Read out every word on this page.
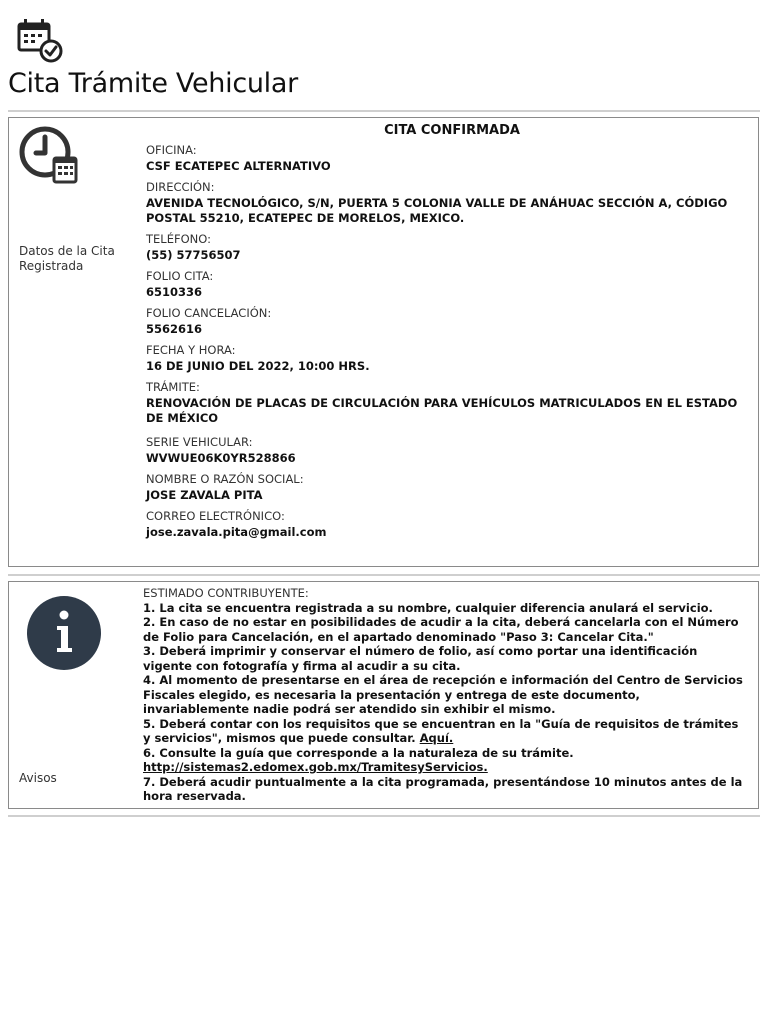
Cita Trámite Vehicular
Datos de la Cita Registrada
CITA CONFIRMADA

OFICINA:

CSF ECATEPEC ALTERNATIVO

DIRECCIÓN:

AVENIDA TECNOLÓGICO, S/N, PUERTA 5 COLONIA VALLE DE ANÁHUAC SECCIÓN A, CÓDIGO POSTAL 55210, ECATEPEC DE MORELOS, MEXICO.

TELÉFONO:

(55) 57756507

FOLIO CITA:

6510336

FOLIO CANCELACIÓN:

5562616

FECHA Y HORA:

16 DE JUNIO DEL 2022, 10:00 HRS.

TRÁMITE:

RENOVACIÓN DE PLACAS DE CIRCULACIÓN PARA VEHÍCULOS MATRICULADOS EN EL ESTADO DE MÉXICO

SERIE VEHICULAR:

WVWUE06K0YR528866

NOMBRE O RAZÓN SOCIAL:

JOSE ZAVALA PITA

CORREO ELECTRÓNICO:

jose.zavala.pita@gmail.com

Avisos
ESTIMADO CONTRIBUYENTE:
1. La cita se encuentra registrada a su nombre, cualquier diferencia anulará el servicio.
2. En caso de no estar en posibilidades de acudir a la cita, deberá cancelarla con el Número de Folio para Cancelación, en el apartado denominado "Paso 3: Cancelar Cita."
3. Deberá imprimir y conservar el número de folio, así como portar una identificación vigente con fotografía y firma al acudir a su cita.
4. Al momento de presentarse en el área de recepción e información del Centro de Servicios Fiscales elegido, es necesaria la presentación y entrega de este documento, invariablemente nadie podrá ser atendido sin exhibir el mismo.
5. Deberá contar con los requisitos que se encuentran en la "Guía de requisitos de trámites y servicios", mismos que puede consultar. Aquí.
6. Consulte la guía que corresponde a la naturaleza de su trámite.
http://sistemas2.edomex.gob.mx/TramitesyServicios.
7. Deberá acudir puntualmente a la cita programada, presentándose 10 minutos antes de la hora reservada.
